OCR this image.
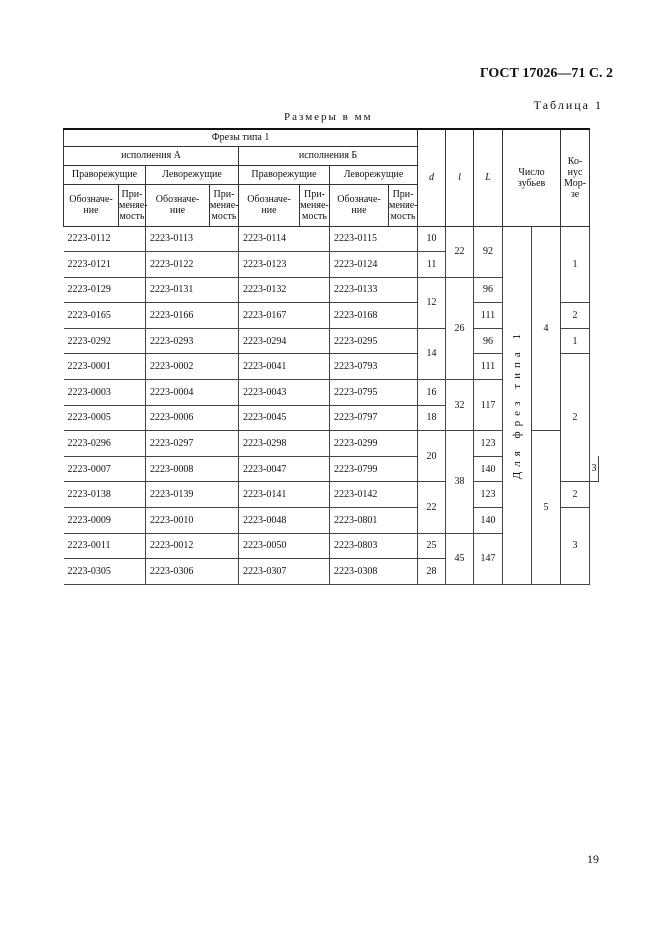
ГОСТ 17026—71 С. 2
Таблица 1
Размеры в мм
Фрезы типа 1								d	l	L	Число
зубьев		Ко-
нус
Мор-
зе	
исполнения А				исполнения Б										
Праворежущие		Леворежущие		Праворежущие		Леворежущие								
Обозначе-
ние	При-
меняе-
мость	Обозначе-
ние	При-
меняе-
мость	Обозначе-
ние	При-
меняе-
мость	Обозначе-
ние	При-
меняе-
мость							
2223-0112		2223-0113		2223-0114		2223-0115		10	22	92	Для фрез типа 1	4	1	
2223-0121		2223-0122		2223-0123		2223-0124		11						
2223-0129		2223-0131		2223-0132		2223-0133		12	26	96				
2223-0165		2223-0166		2223-0167		2223-0168				111			2	
2223-0292		2223-0293		2223-0294		2223-0295		14		96			1	
2223-0001		2223-0002		2223-0041		2223-0793				111			2	
2223-0003		2223-0004		2223-0043		2223-0795		16	32	117				
2223-0005		2223-0006		2223-0045		2223-0797		18						
2223-0296		2223-0297		2223-0298		2223-0299		20	38	123		5		
2223-0007		2223-0008		2223-0047		2223-0799				140				3
2223-0138		2223-0139		2223-0141		2223-0142		22		123			2	
2223-0009		2223-0010		2223-0048		2223-0801				140			3	
2223-0011		2223-0012		2223-0050		2223-0803		25	45	147				
2223-0305		2223-0306		2223-0307		2223-0308		28						
19
